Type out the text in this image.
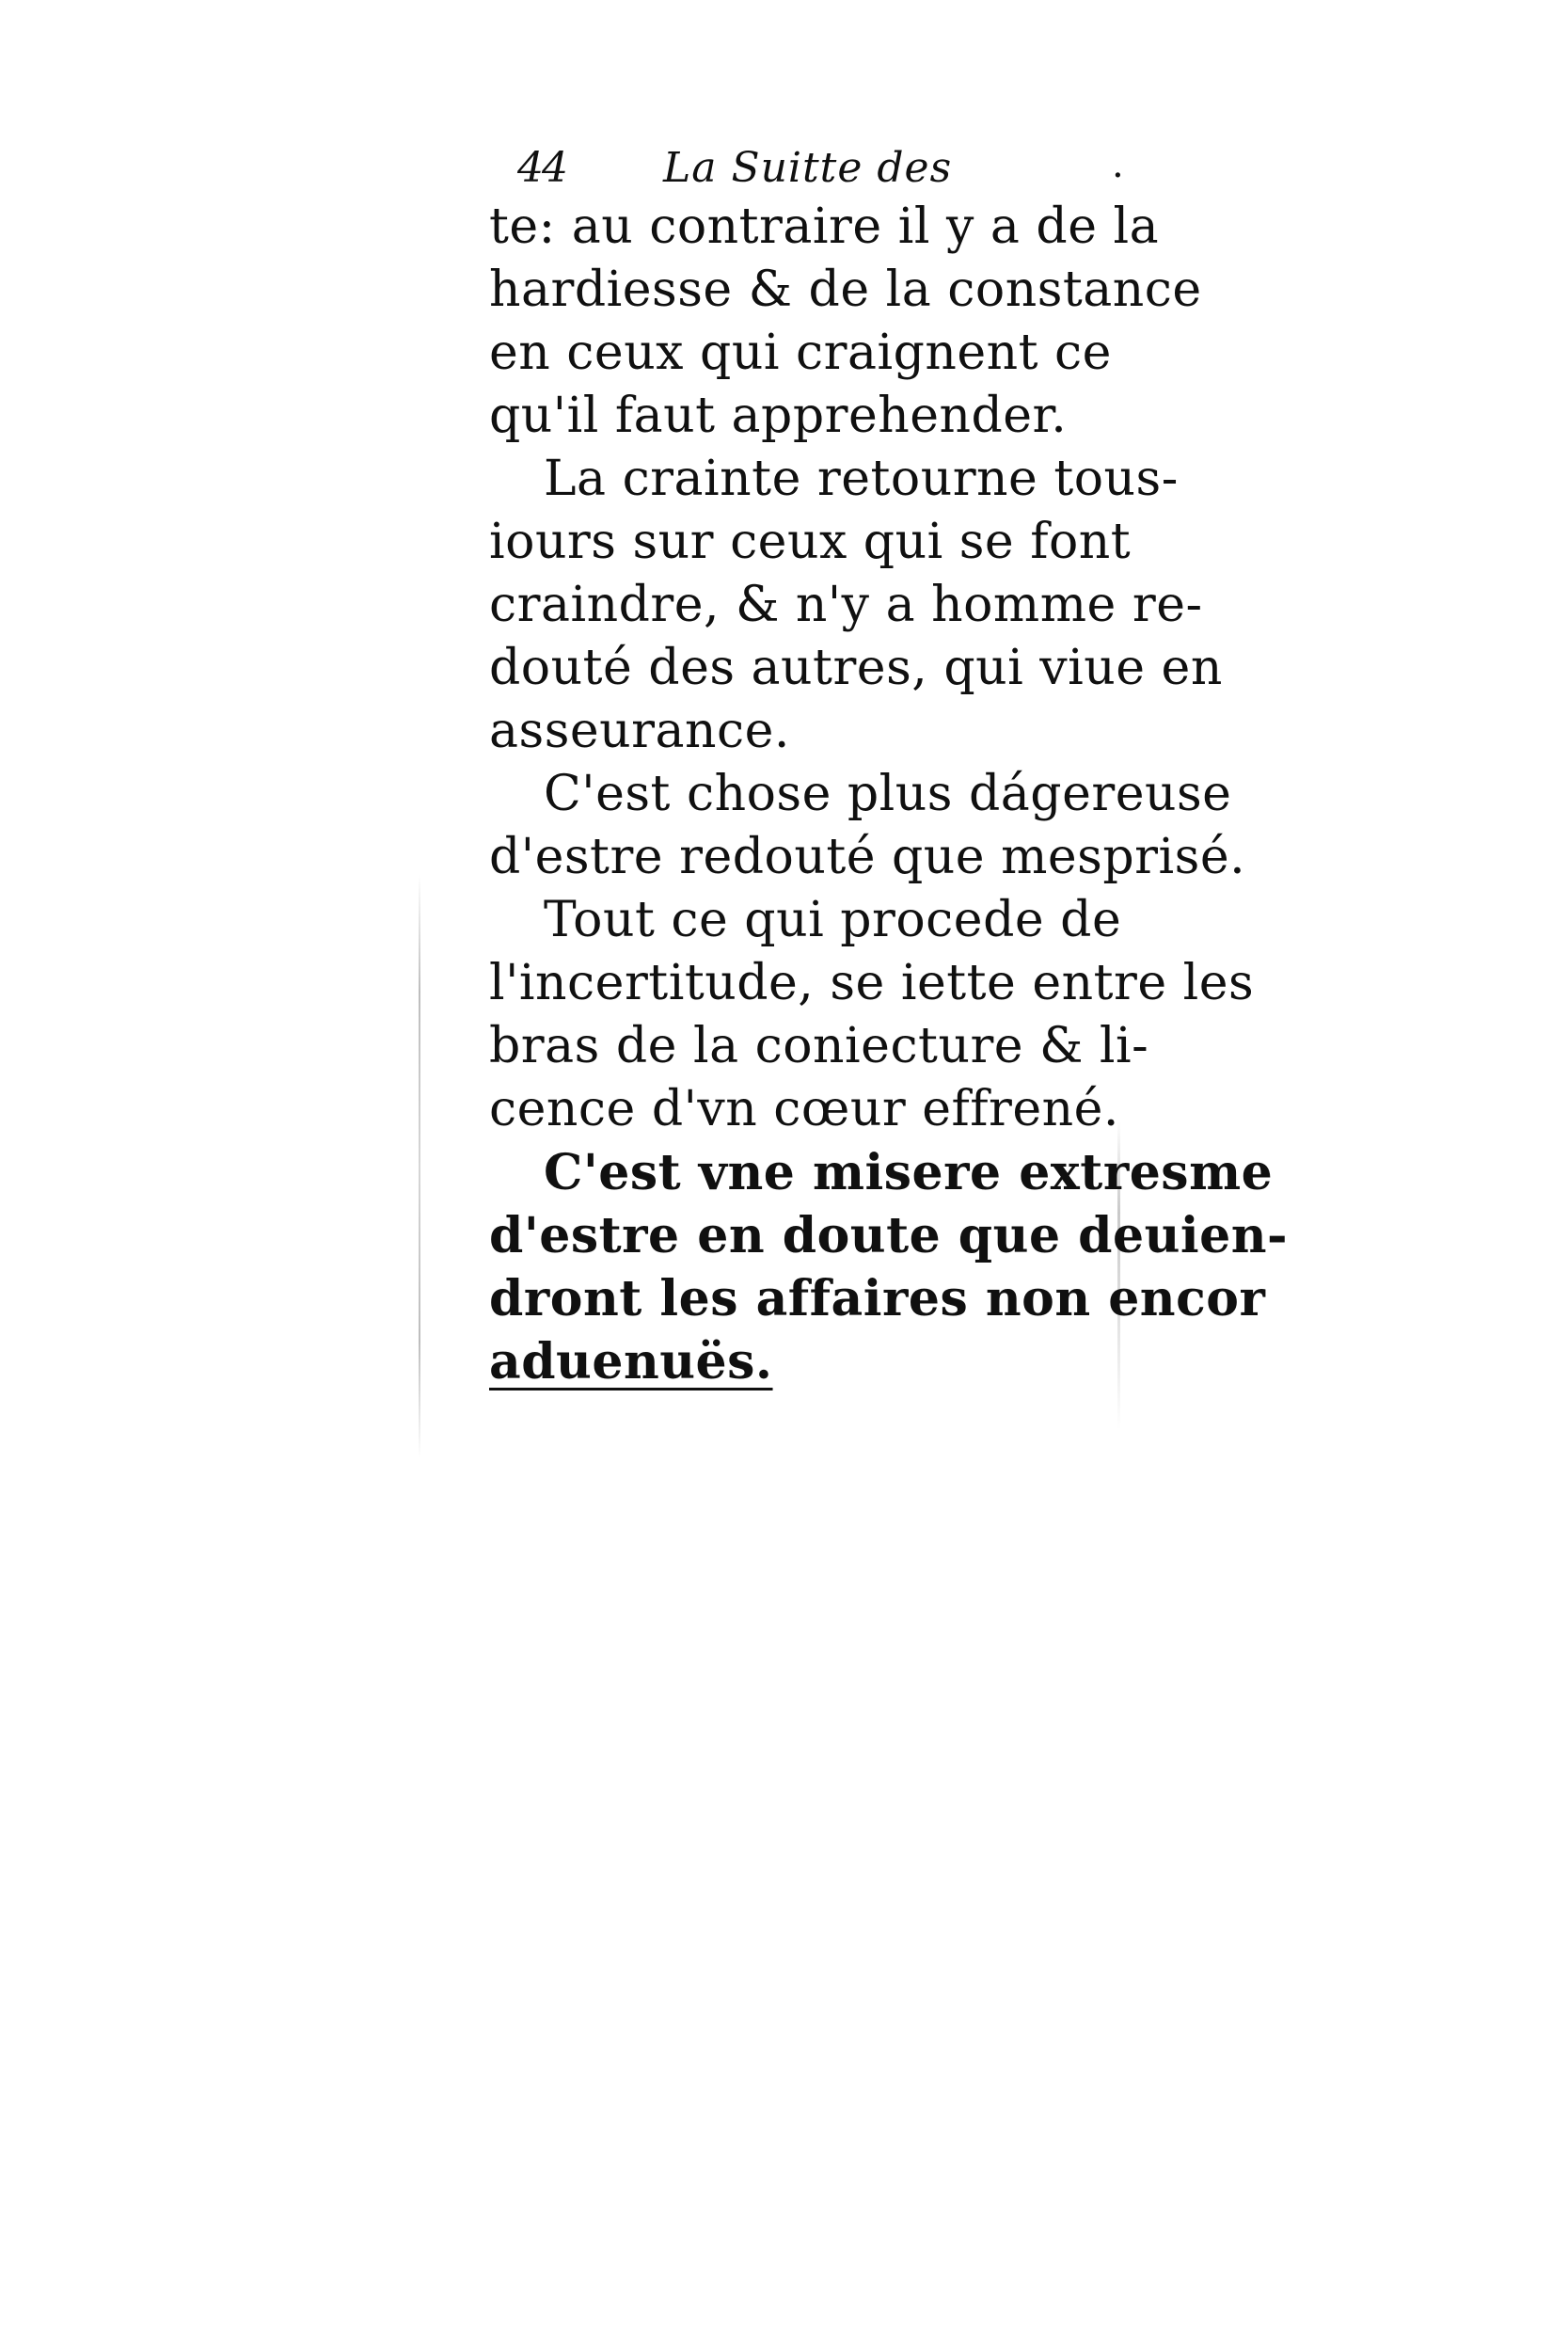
44 La Suitte des	.
te: au contraire il y a de la
hardiesse & de la constance
en ceux qui craignent ce
qu'il faut apprehender.
La crainte retourne tous-
iours sur ceux qui se font
craindre, & n'y a homme re-
douté des autres, qui viue en
asseurance.
C'est chose plus dágereuse
d'estre redouté que mesprisé.
Tout ce qui procede de
l'incertitude, se iette entre les
bras de la coniecture & li-
cence d'vn cœur effrené.
C'est vne misere extresme
d'estre en doute que deuien-
dront les affaires non encor
aduenuës.
